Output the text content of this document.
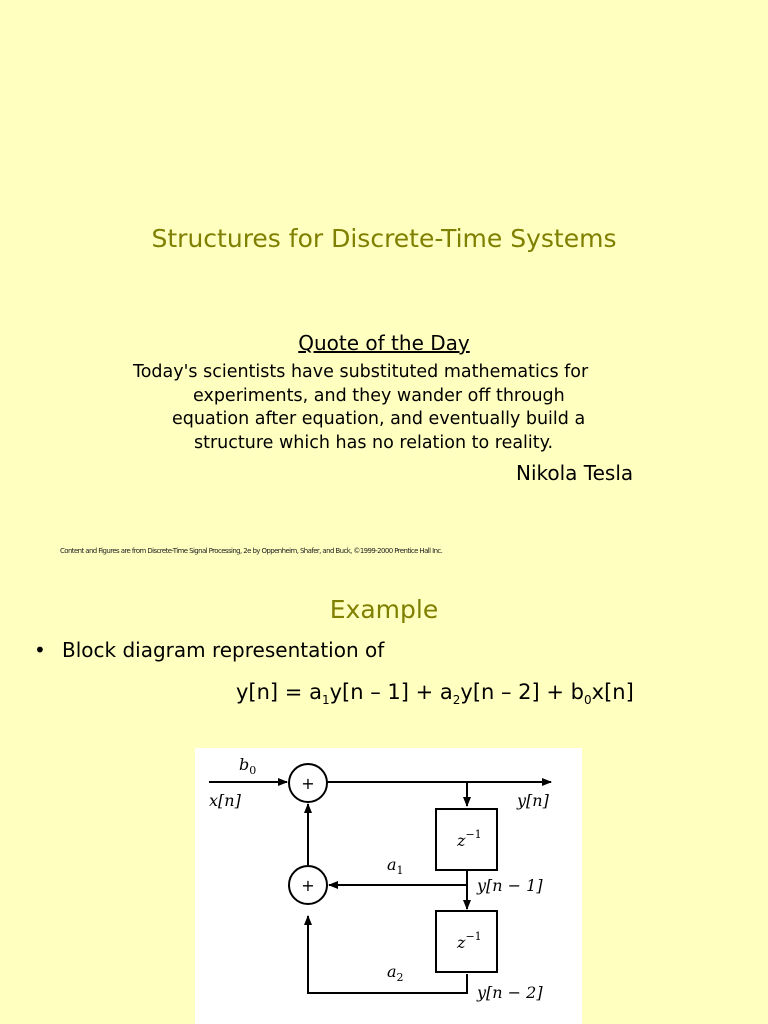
Structures for Discrete-Time Systems
Quote of the Day
Today's scientists have substituted mathematics for
experiments, and they wander off through
equation after equation, and eventually build a
structure which has no relation to reality.
Nikola Tesla
Content and Figures are from Discrete-Time Signal Processing, 2e by Oppenheim, Shafer, and Buck, ©1999-2000 Prentice Hall Inc.
Example
• Block diagram representation of
$y[n] = a_1y[n - 1] + a_2y[n - 2] + b_0x[n]$
+
+
$z^{-1}$
$z^{-1}$
$b_0$
x[n]	y[n]
$a_1$
y[n − 1]
$a_2$
y[n − 2]
